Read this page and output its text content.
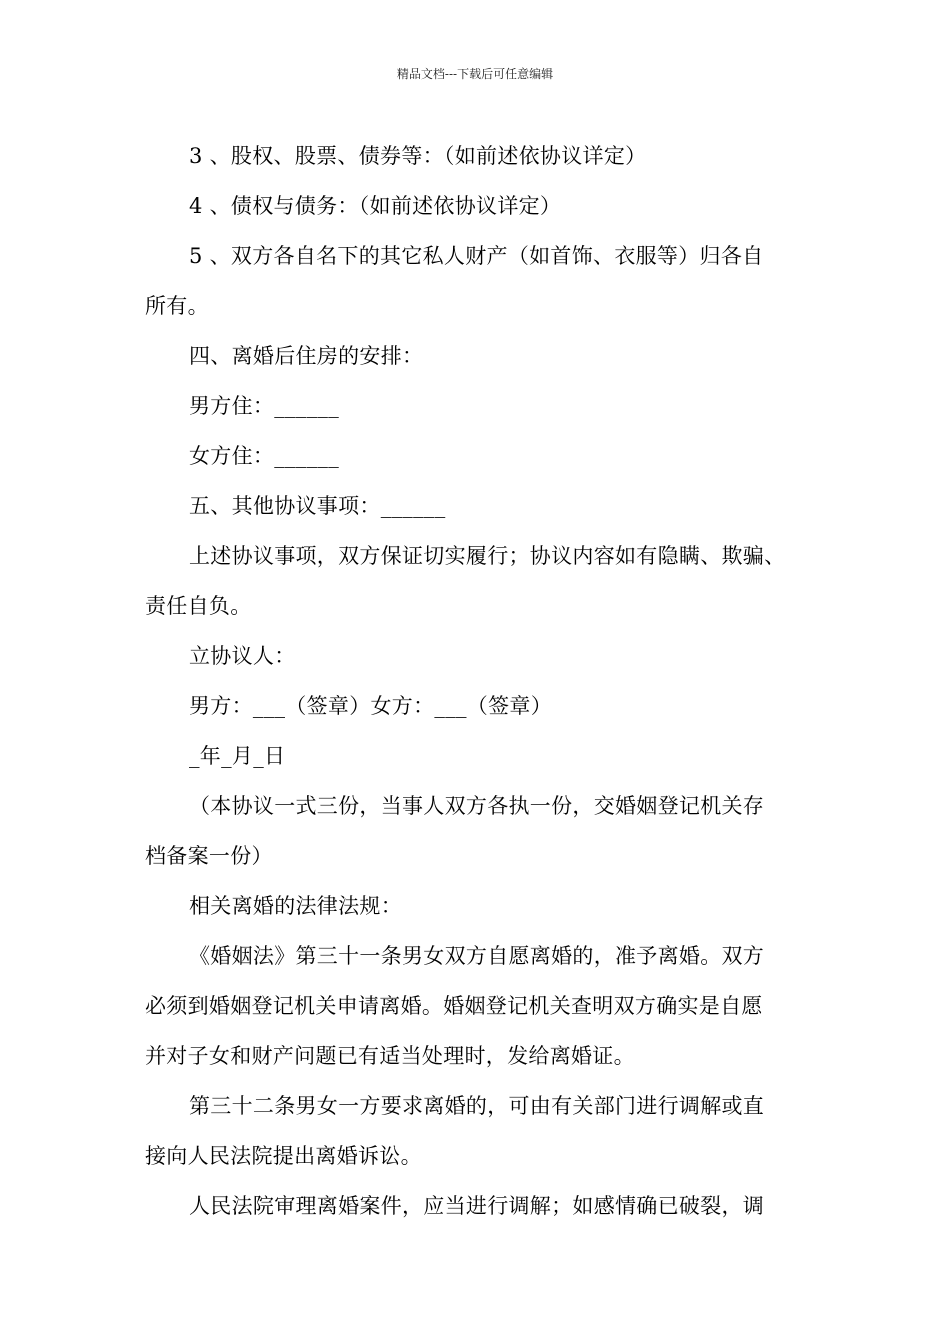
精品文档---下载后可任意编辑

3 、股权、股票、债券等：（如前述依协议详定）

4 、债权与债务：（如前述依协议详定）

5 、双方各自名下的其它私人财产（如首饰、衣服等）归各自

所有。

四、离婚后住房的安排：

男方住：______

女方住：______

五、其他协议事项：______

上述协议事项，双方保证切实履行；协议内容如有隐瞒、欺骗、

责任自负。

立协议人：

男方：___（签章）女方：___（签章）

_年_月_日

（本协议一式三份，当事人双方各执一份，交婚姻登记机关存

档备案一份）

相关离婚的法律法规：

《婚姻法》第三十一条男女双方自愿离婚的，准予离婚。双方

必须到婚姻登记机关申请离婚。婚姻登记机关查明双方确实是自愿

并对子女和财产问题已有适当处理时，发给离婚证。

第三十二条男女一方要求离婚的，可由有关部门进行调解或直

接向人民法院提出离婚诉讼。

人民法院审理离婚案件，应当进行调解；如感情确已破裂，调
